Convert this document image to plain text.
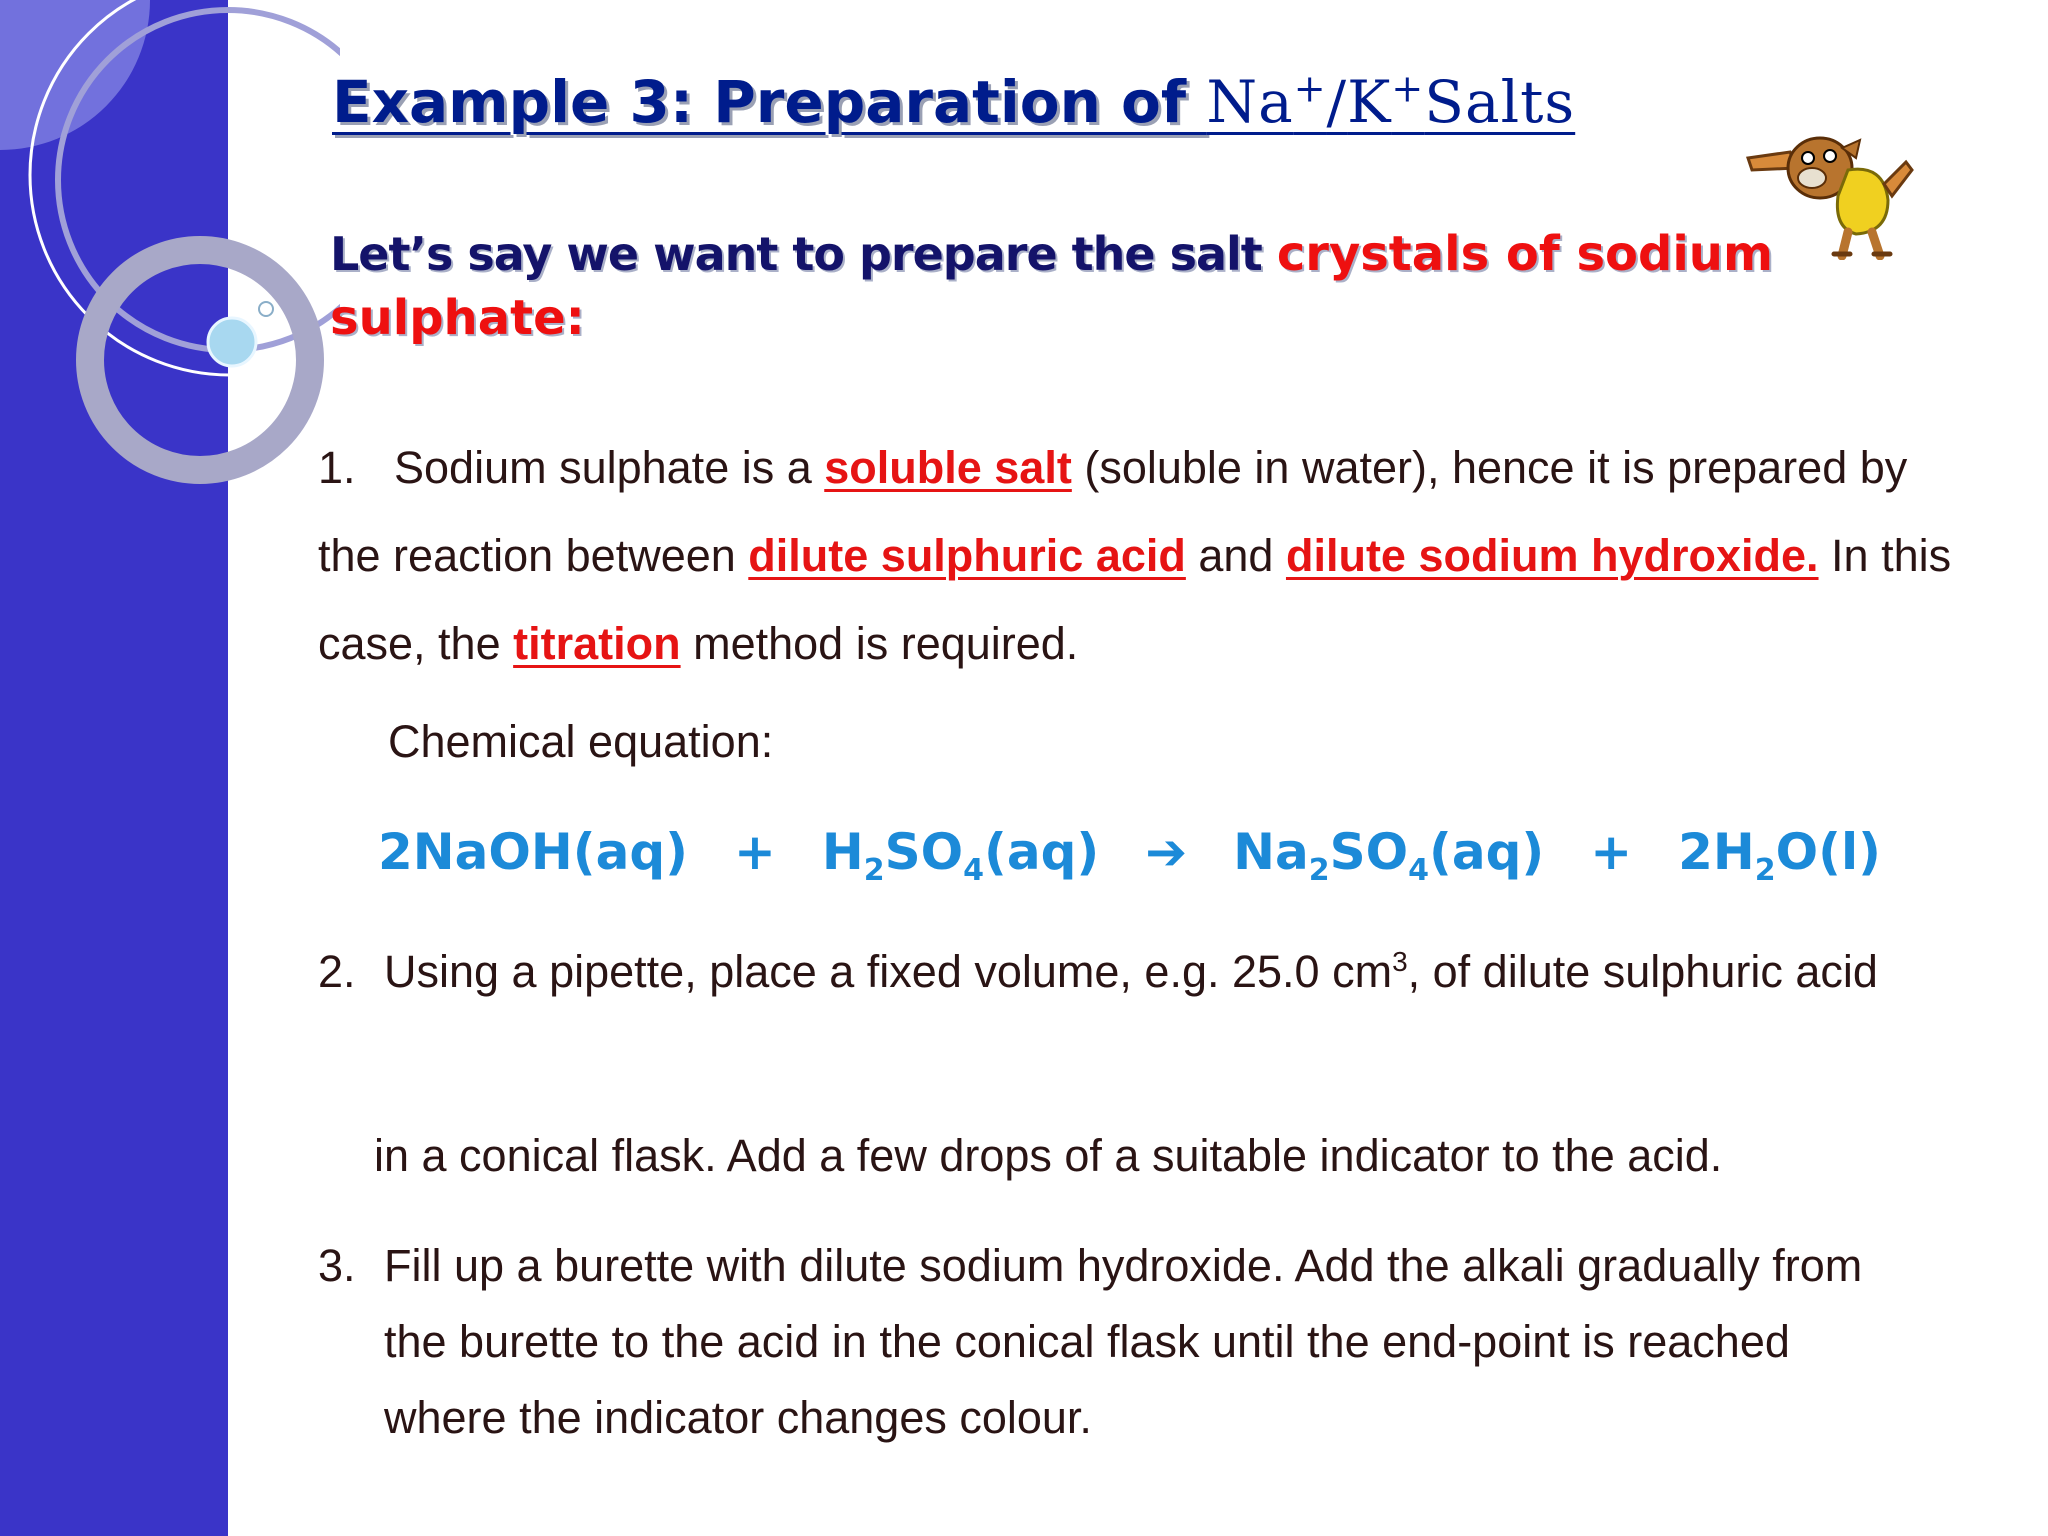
Example 3: Preparation of Na+/K+Salts
Let’s say we want to prepare the salt crystals of sodium sulphate:
1. Sodium sulphate is a soluble salt (soluble in water), hence it is prepared by the reaction between dilute sulphuric acid and dilute sodium hydroxide. In this case, the titration method is required.
Chemical equation:
2NaOH(aq) + $H_2SO_4(aq)$ ➔ $Na_2SO_4(aq) + 2H_2O(l)$
2. Using a pipette, place a fixed volume, e.g. 25.0 $cm^3$, of dilute sulphuric acid
in a conical flask. Add a few drops of a suitable indicator to the acid.
3. Fill up a burette with dilute sodium hydroxide. Add the alkali gradually from the burette to the acid in the conical flask until the end-point is reached where the indicator changes colour.
